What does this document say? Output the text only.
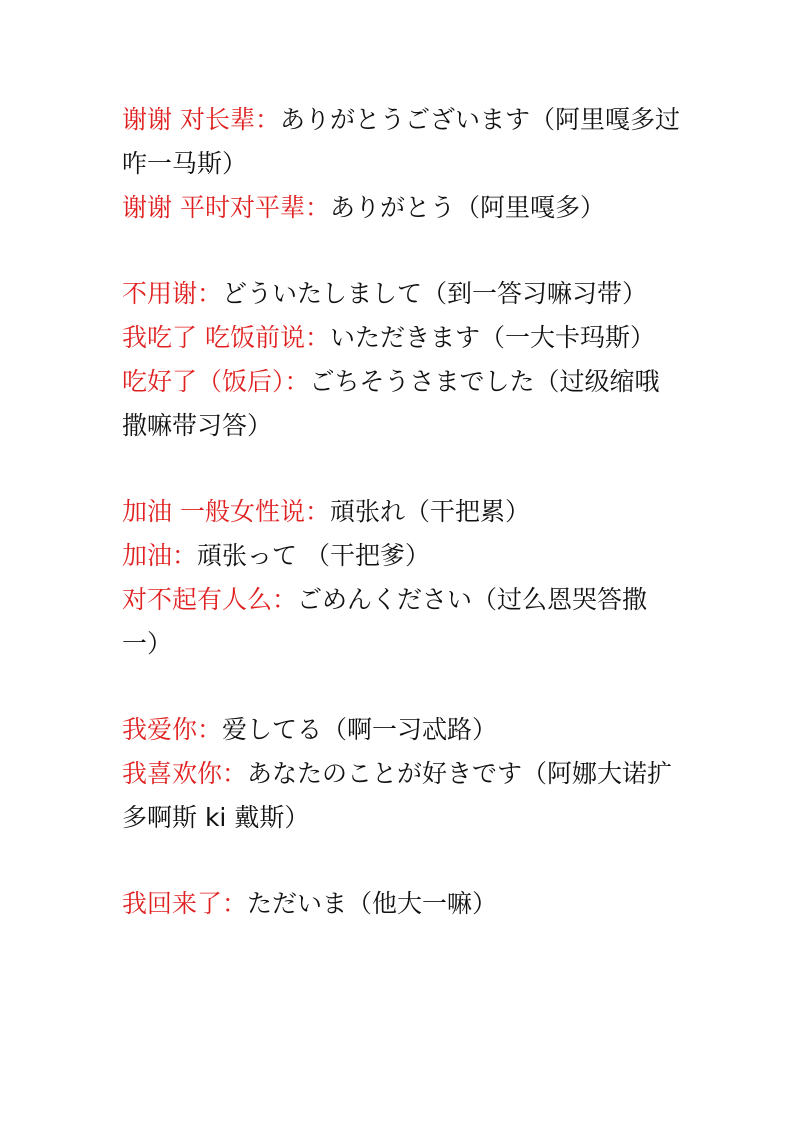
谢谢 对长辈：ありがとうございます（阿里嘎多过咋一马斯）

谢谢 平时对平辈：ありがとう（阿里嘎多）

不用谢：どういたしまして（到一答习嘛习带）

我吃了 吃饭前说：いただきます（一大卡玛斯）

吃好了（饭后）：ごちそうさまでした（过级缩哦撒嘛带习答）

加油 一般女性说：頑张れ（干把累）

加油：頑张って （干把爹）

对不起有人么：ごめんください（过么恩哭答撒一）

我爱你：爱してる（啊一习忒路）

我喜欢你：あなたのことが好きです（阿娜大诺扩多啊斯 ki 戴斯）

我回来了：ただいま（他大一嘛）
